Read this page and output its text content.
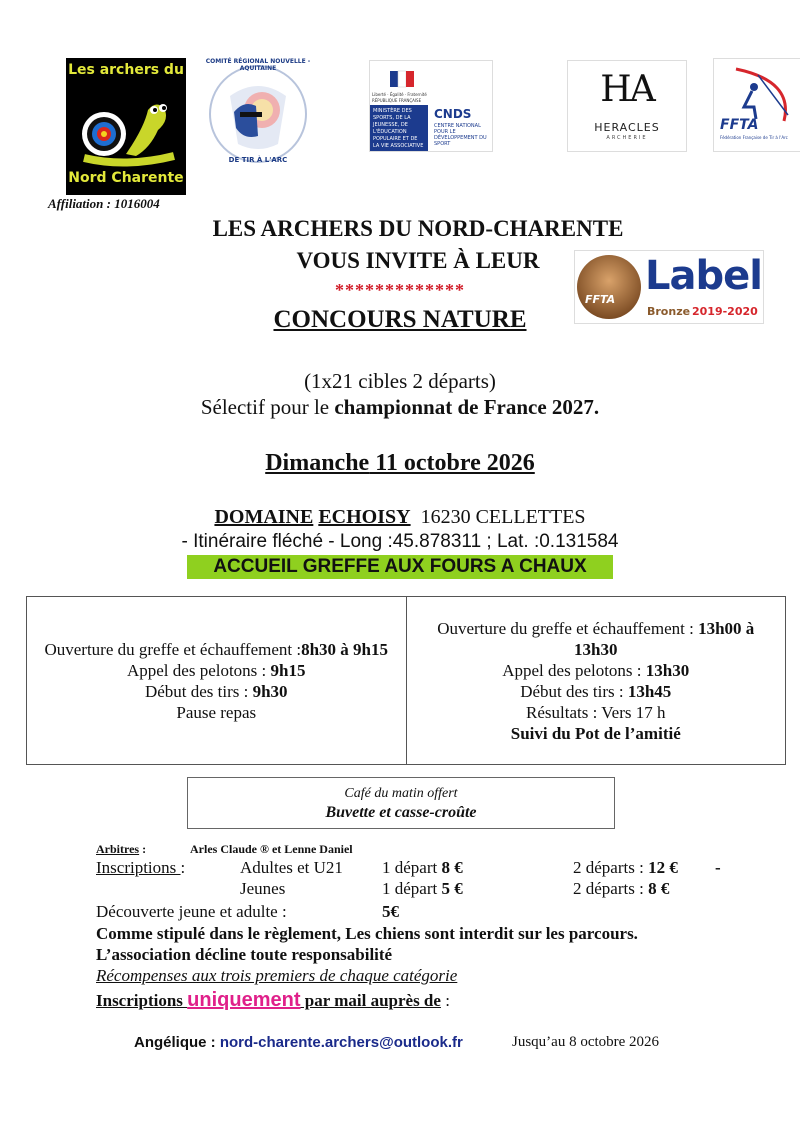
Les archers du
Nord Charente
COMITÉ RÉGIONAL NOUVELLE - AQUITAINE
DE TIR À L'ARC
Liberté · Égalité · Fraternité
RÉPUBLIQUE FRANÇAISE
MINISTÈRE DES SPORTS, DE LA JEUNESSE, DE L'ÉDUCATION POPULAIRE ET DE LA VIE ASSOCIATIVE
CNDS
CENTRE NATIONAL POUR LE DÉVELOPPEMENT DU SPORT
HA
HERACLES
ARCHERIE
FFTA
Fédération Française de Tir à l'Arc
FFTA
Label
Bronze 2019-2020
Affiliation : 1016004
LES ARCHERS DU NORD-CHARENTE
VOUS INVITE À LEUR
*************
CONCOURS NATURE
(1x21 cibles 2 départs)
Sélectif pour le championnat de France 2027.
Dimanche 11 octobre 2026
DOMAINE ECHOISY  16230 CELLETTES
- Itinéraire fléché - Long :45.878311 ; Lat. :0.131584
ACCUEIL GREFFE AUX FOURS A CHAUX
Ouverture du greffe et échauffement :8h30 à 9h15
Appel des pelotons : 9h15
Début des tirs : 9h30
Pause repas
Ouverture du greffe et échauffement : 13h00 à 13h30
Appel des pelotons : 13h30
Début des tirs : 13h45
Résultats : Vers 17 h
Suivi du Pot de l’amitié
Café du matin offert
Buvette et casse-croûte
Arbitres :	Arles Claude ® et Lenne Daniel
Inscriptions :	Adultes et U21 1 départ 8 €	2 départs : 12 € -
Jeunes	1 départ 5 €	2 départs : 8 €
Découverte jeune et adulte :	5€
Comme stipulé dans le règlement, Les chiens sont interdit sur les parcours.
L’association décline toute responsabilité
Récompenses aux trois premiers de chaque catégorie
Inscriptions uniquement par mail auprès de :
Angélique : nord-charente.archers@outlook.fr	Jusqu’au 8 octobre 2026
